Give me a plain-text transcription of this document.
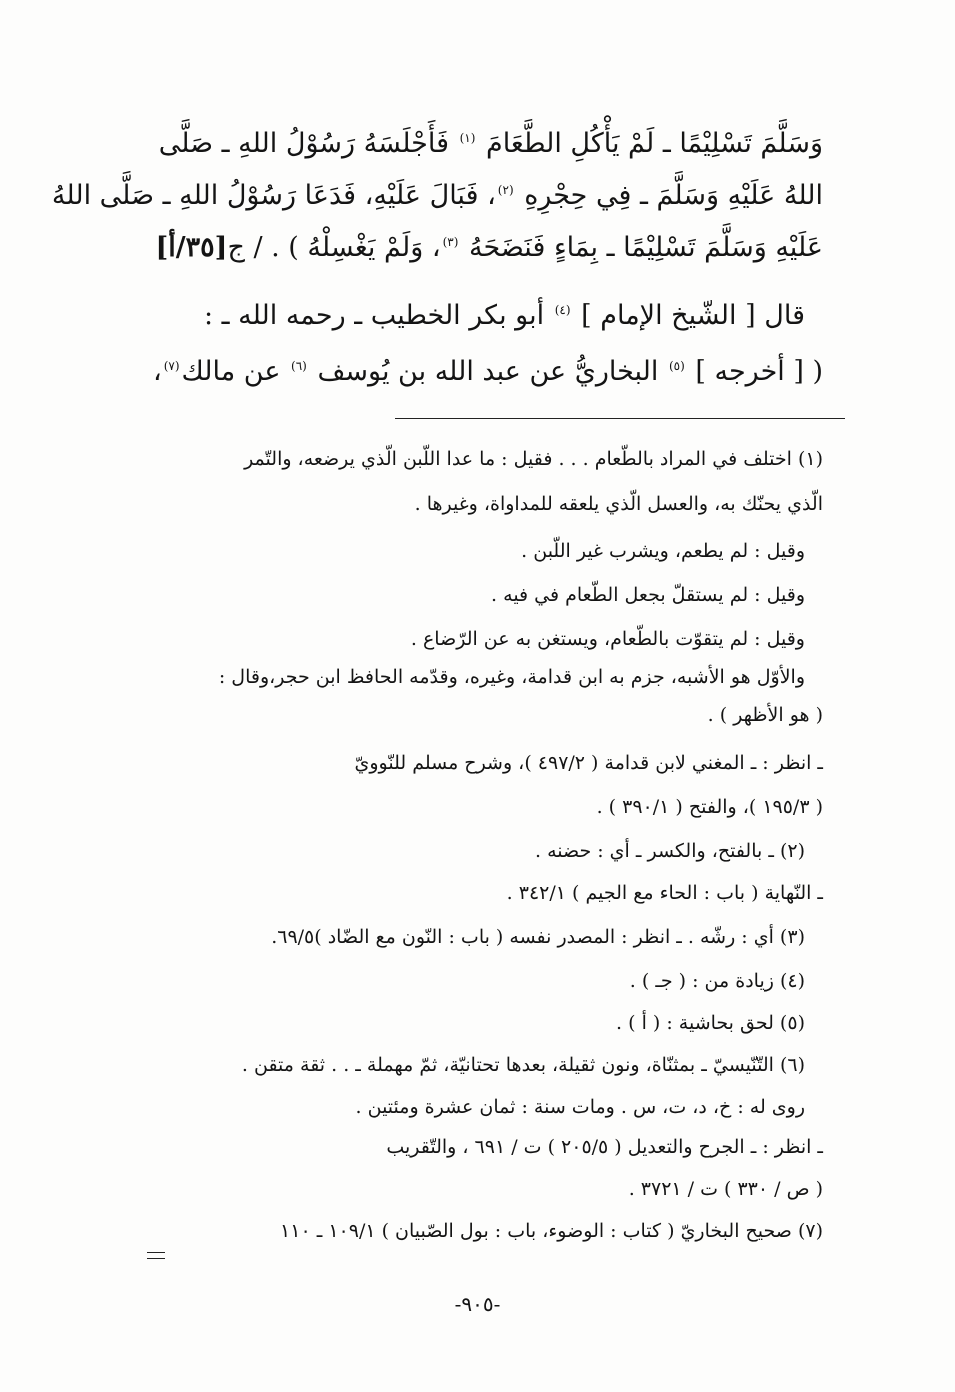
وَسَلَّمَ تَسْلِيْمًا ـ لَمْ يَأْكُلِ الطَّعَامَ $^{(١)}$ فَأَجْلَسَهُ رَسُوْلُ اللهِ ـ صَلَّى
اللهُ عَلَيْهِ وَسَلَّمَ ـ فِي حِجْرِهِ $^{(٢)}$، فَبَالَ عَلَيْهِ، فَدَعَا رَسُوْلُ اللهِ ـ صَلَّى اللهُ
عَلَيْهِ وَسَلَّمَ تَسْلِيْمًا ـ بِمَاءٍ فَنَضَحَهُ $^{(٣)}$، وَلَمْ يَغْسِلْهُ ) . / ج[٣٥/أ]
قال [ الشّيخ الإمام ] $^{(٤)}$ أبو بكر الخطيب ـ رحمه الله ـ :
( [ أخرجه ] $^{(٥)}$ البخاريُّ عن عبد الله بن يُوسف $^{(٦)}$ عن مالك$^{(٧)}$،
(١) اختلف في المراد بالطّعام . . . فقيل : ما عدا اللّبن الّذي يرضعه، والتّمر
الّذي يحنّك به، والعسل الّذي يلعقه للمداواة، وغيرها .
وقيل : لم يطعم، ويشرب غير اللّبن .
وقيل : لم يستقلّ بجعل الطّعام في فيه .
وقيل : لم يتقوّت بالطّعام، ويستغن به عن الرّضاع .
والأوّل هو الأشبه، جزم به ابن قدامة، وغيره، وقدّمه الحافظ ابن حجر،وقال :
( هو الأظهر ) .
ـ انظر : ـ المغني لابن قدامة ( ٤٩٧/٢ )، وشرح مسلم للنّوويّ
( ١٩٥/٣ )، والفتح ( ٣٩٠/١ ) .
(٢) ـ بالفتح، والكسر ـ أي : حضنه .
ـ النّهاية ( باب : الحاء مع الجيم ) ٣٤٢/١ .
(٣) أي : رشّه . ـ انظر : المصدر نفسه ( باب : النّون مع الضّاد )٦٩/٥.
(٤) زيادة من : ( جـ ) .
(٥) لحق بحاشية : ( أ ) .
(٦) التّنّيسيّ ـ بمثنّاة، ونون ثقيلة، بعدها تحتانيّة، ثمّ مهملة ـ . . ثقة متقن .
روى له : خ، د، ت، س . ومات سنة : ثمان عشرة ومئتين .
ـ انظر : ـ الجرح والتعديل ( ٢٠٥/٥ ) ت / ٦٩١ ، والتّقريب
( ص / ٣٣٠ ) ت / ٣٧٢١ .
(٧) صحيح البخاريّ ( كتاب : الوضوء، باب : بول الصّبيان ) ١٠٩/١ ـ ١١٠
-٩٠٥-
